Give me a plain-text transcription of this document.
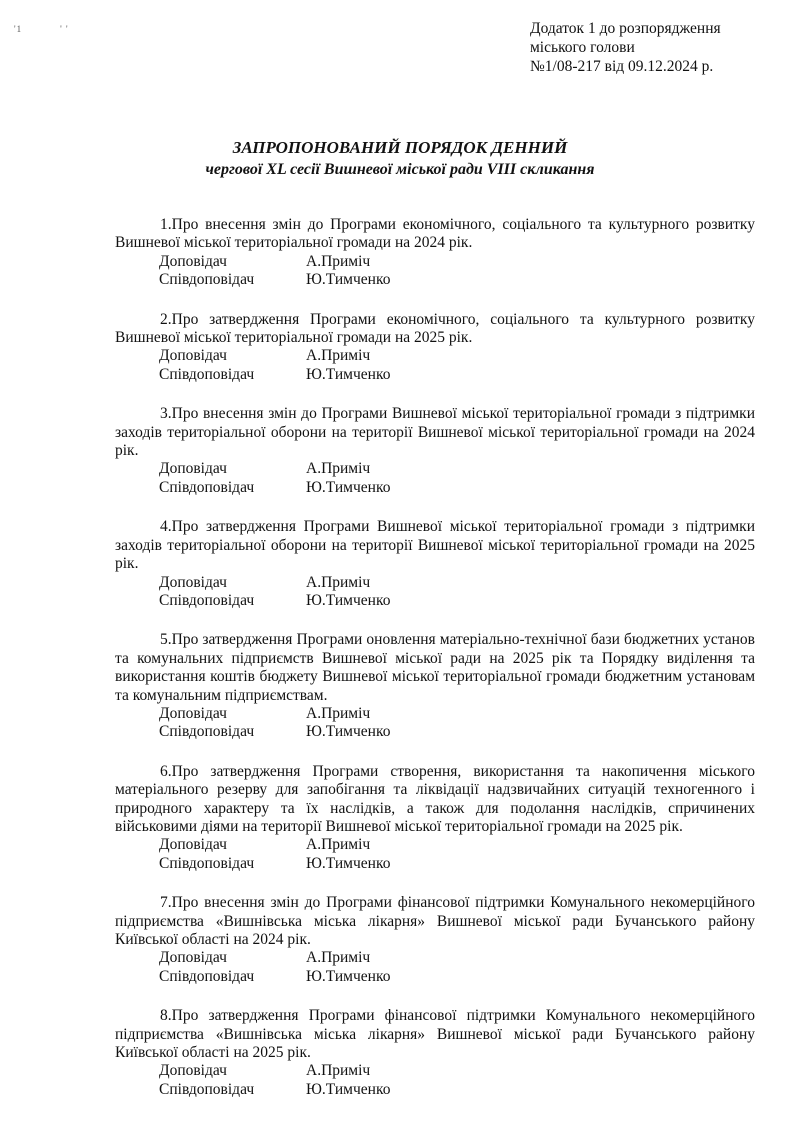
'1	' '	Додаток 1 до розпорядження
міського голови
№1/08-217 від 09.12.2024 р.
ЗАПРОПОНОВАНИЙ ПОРЯДОК ДЕННИЙ
чергової XL сесії Вишневої міської ради VIII скликання

1.Про внесення змін до Програми економічного, соціального та культурного розвитку Вишневої міської територіальної громади на 2024 рік.

Доповідач	А.Приміч
Співдоповідач	Ю.Тимченко

2.Про затвердження Програми економічного, соціального та культурного розвитку Вишневої міської територіальної громади на 2025 рік.

Доповідач	А.Приміч
Співдоповідач	Ю.Тимченко

3.Про внесення змін до Програми Вишневої міської територіальної громади з підтримки заходів територіальної оборони на території Вишневої міської територіальної громади на 2024 рік.

Доповідач	А.Приміч
Співдоповідач	Ю.Тимченко

4.Про затвердження Програми Вишневої міської територіальної громади з підтримки заходів територіальної оборони на території Вишневої міської територіальної громади на 2025 рік.

Доповідач	А.Приміч
Співдоповідач	Ю.Тимченко

5.Про затвердження Програми оновлення матеріально-технічної бази бюджетних установ та комунальних підприємств Вишневої міської ради на 2025 рік та Порядку виділення та використання коштів бюджету Вишневої міської територіальної громади бюджетним установам та комунальним підприємствам.

Доповідач	А.Приміч
Співдоповідач	Ю.Тимченко

6.Про затвердження Програми створення, використання та накопичення міського матеріального резерву для запобігання та ліквідації надзвичайних ситуацій техногенного і природного характеру та їх наслідків, а також для подолання наслідків, спричинених військовими діями на території Вишневої міської територіальної громади на 2025 рік.

Доповідач	А.Приміч
Співдоповідач	Ю.Тимченко

7.Про внесення змін до Програми фінансової підтримки Комунального некомерційного підприємства «Вишнівська міська лікарня» Вишневої міської ради Бучанського району Київської області на 2024 рік.

Доповідач	А.Приміч
Співдоповідач	Ю.Тимченко

8.Про затвердження Програми фінансової підтримки Комунального некомерційного підприємства «Вишнівська міська лікарня» Вишневої міської ради Бучанського району Київської області на 2025 рік.

Доповідач	А.Приміч
Співдоповідач	Ю.Тимченко
